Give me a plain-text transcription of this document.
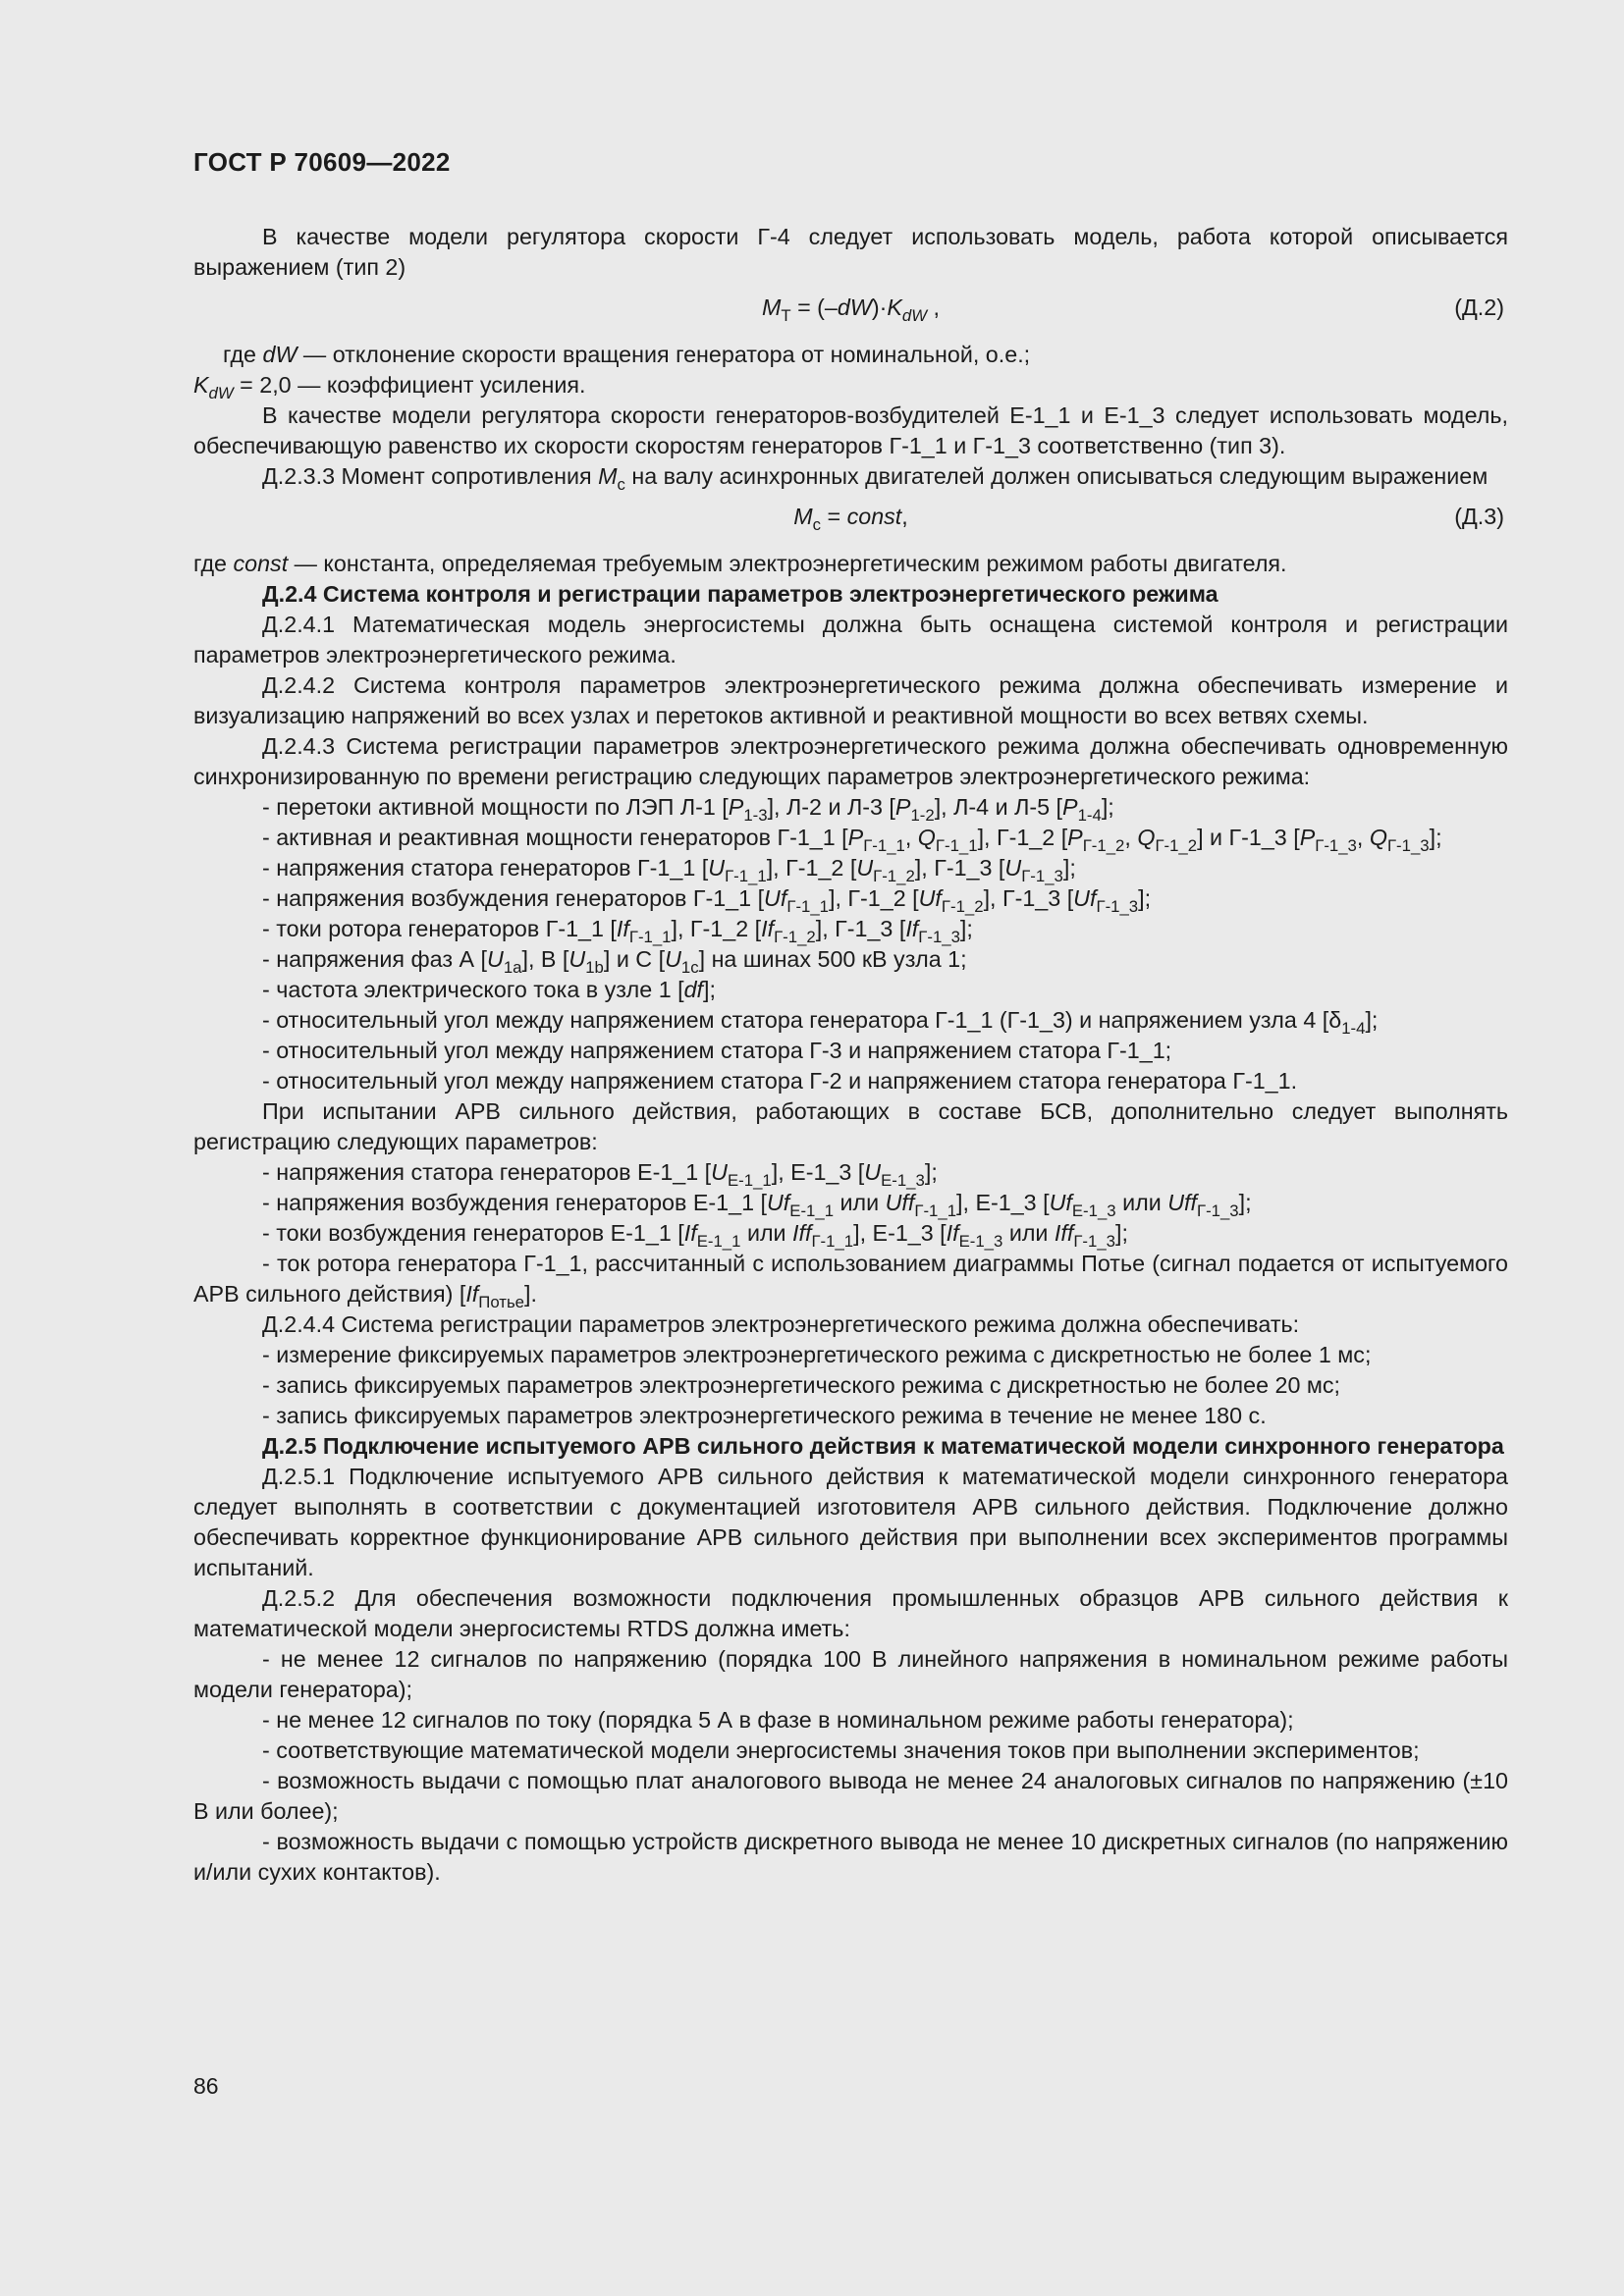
ГОСТ Р 70609—2022

В качестве модели регулятора скорости Г-4 следует использовать модель, работа которой описывается выражением (тип 2)

$M_Т = (-dW)\cdot K_{dW}$ ,	(Д.2)

где dW — отклонение скорости вращения генератора от номинальной, о.е.;

$K_{dW} = 2,0$ — коэффициент усиления.

В качестве модели регулятора скорости генераторов-возбудителей Е-1_1 и Е-1_3 следует использовать модель, обеспечивающую равенство их скорости скоростям генераторов Г-1_1 и Г-1_3 соответственно (тип 3).

Д.2.3.3 Момент сопротивления $M_c$ на валу асинхронных двигателей должен описываться следующим выражением

$M_c$ = const,	(Д.3)

где const — константа, определяемая требуемым электроэнергетическим режимом работы двигателя.

Д.2.4 Система контроля и регистрации параметров электроэнергетического режима

Д.2.4.1 Математическая модель энергосистемы должна быть оснащена системой контроля и регистрации параметров электроэнергетического режима.

Д.2.4.2 Система контроля параметров электроэнергетического режима должна обеспечивать измерение и визуализацию напряжений во всех узлах и перетоков активной и реактивной мощности во всех ветвях схемы.

Д.2.4.3 Система регистрации параметров электроэнергетического режима должна обеспечивать одновременную синхронизированную по времени регистрацию следующих параметров электроэнергетического режима:

- перетоки активной мощности по ЛЭП Л-1 $[P_{1-3}]$, Л-2 и Л-3 $[P_{1-2}]$, Л-4 и Л-5 $[P_{1-4}]$;

- активная и реактивная мощности генераторов Г-1_1 [$P_{Г-1\_1}$, $Q_{Г-1\_1}$], Г-1_2 [$P_{Г-1\_2}$, $Q_{Г-1\_2}$] и Г-1_3 [$P_{Г-1\_3}$, $Q_{Г-1\_3}$];

- напряжения статора генераторов Г-1_1 $[U_{Г-1\_1}]$, Г-1_2 $[U_{Г-1\_2}]$, Г-1_3 $[U_{Г-1\_3}]$;

- напряжения возбуждения генераторов Г-1_1 $[Uf_{Г-1\_1}]$, Г-1_2 $[Uf_{Г-1\_2}]$, Г-1_3 $[Uf_{Г-1\_3}]$;

- токи ротора генераторов Г-1_1 $[If_{Г-1\_1}]$, Г-1_2 $[If_{Г-1\_2}]$, Г-1_3 $[If_{Г-1\_3}]$;

- напряжения фаз А $[U_{1a}]$, В $[U_{1b}]$ и С $[U_{1c}]$ на шинах 500 кВ узла 1;

- частота электрического тока в узле 1 [df];

- относительный угол между напряжением статора генератора Г-1_1 (Г-1_3) и напряжением узла 4 $[\delta_{1-4}]$;

- относительный угол между напряжением статора Г-3 и напряжением статора Г-1_1;

- относительный угол между напряжением статора Г-2 и напряжением статора генератора Г-1_1.

При испытании АРВ сильного действия, работающих в составе БСВ, дополнительно следует выполнять регистрацию следующих параметров:

- напряжения статора генераторов Е-1_1 $[U_{Е-1\_1}]$, Е-1_3 $[U_{Е-1\_3}]$;

- напряжения возбуждения генераторов Е-1_1 [$Uf_{Е-1\_1}$ или Uff$_{Г-1\_1}$], Е-1_3 [$Uf_{Е-1\_3}$ или Uff$_{Г-1\_3}$];

- токи возбуждения генераторов Е-1_1 [$If_{Е-1\_1}$ или Iff$_{Г-1\_1}$], Е-1_3 [$If_{Е-1\_3}$ или Iff$_{Г-1\_3}$];

- ток ротора генератора Г-1_1, рассчитанный с использованием диаграммы Потье (сигнал подается от испытуемого АРВ сильного действия) $[If_{Потье}]$.

Д.2.4.4 Система регистрации параметров электроэнергетического режима должна обеспечивать:

- измерение фиксируемых параметров электроэнергетического режима с дискретностью не более 1 мс;

- запись фиксируемых параметров электроэнергетического режима с дискретностью не более 20 мс;

- запись фиксируемых параметров электроэнергетического режима в течение не менее 180 с.

Д.2.5 Подключение испытуемого АРВ сильного действия к математической модели синхронного генератора

Д.2.5.1 Подключение испытуемого АРВ сильного действия к математической модели синхронного генератора следует выполнять в соответствии с документацией изготовителя АРВ сильного действия. Подключение должно обеспечивать корректное функционирование АРВ сильного действия при выполнении всех экспериментов программы испытаний.

Д.2.5.2 Для обеспечения возможности подключения промышленных образцов АРВ сильного действия к математической модели энергосистемы RTDS должна иметь:

- не менее 12 сигналов по напряжению (порядка 100 В линейного напряжения в номинальном режиме работы модели генератора);

- не менее 12 сигналов по току (порядка 5 А в фазе в номинальном режиме работы генератора);

- соответствующие математической модели энергосистемы значения токов при выполнении экспериментов;

- возможность выдачи с помощью плат аналогового вывода не менее 24 аналоговых сигналов по напряжению (±10 В или более);

- возможность выдачи с помощью устройств дискретного вывода не менее 10 дискретных сигналов (по напряжению и/или сухих контактов).

86
